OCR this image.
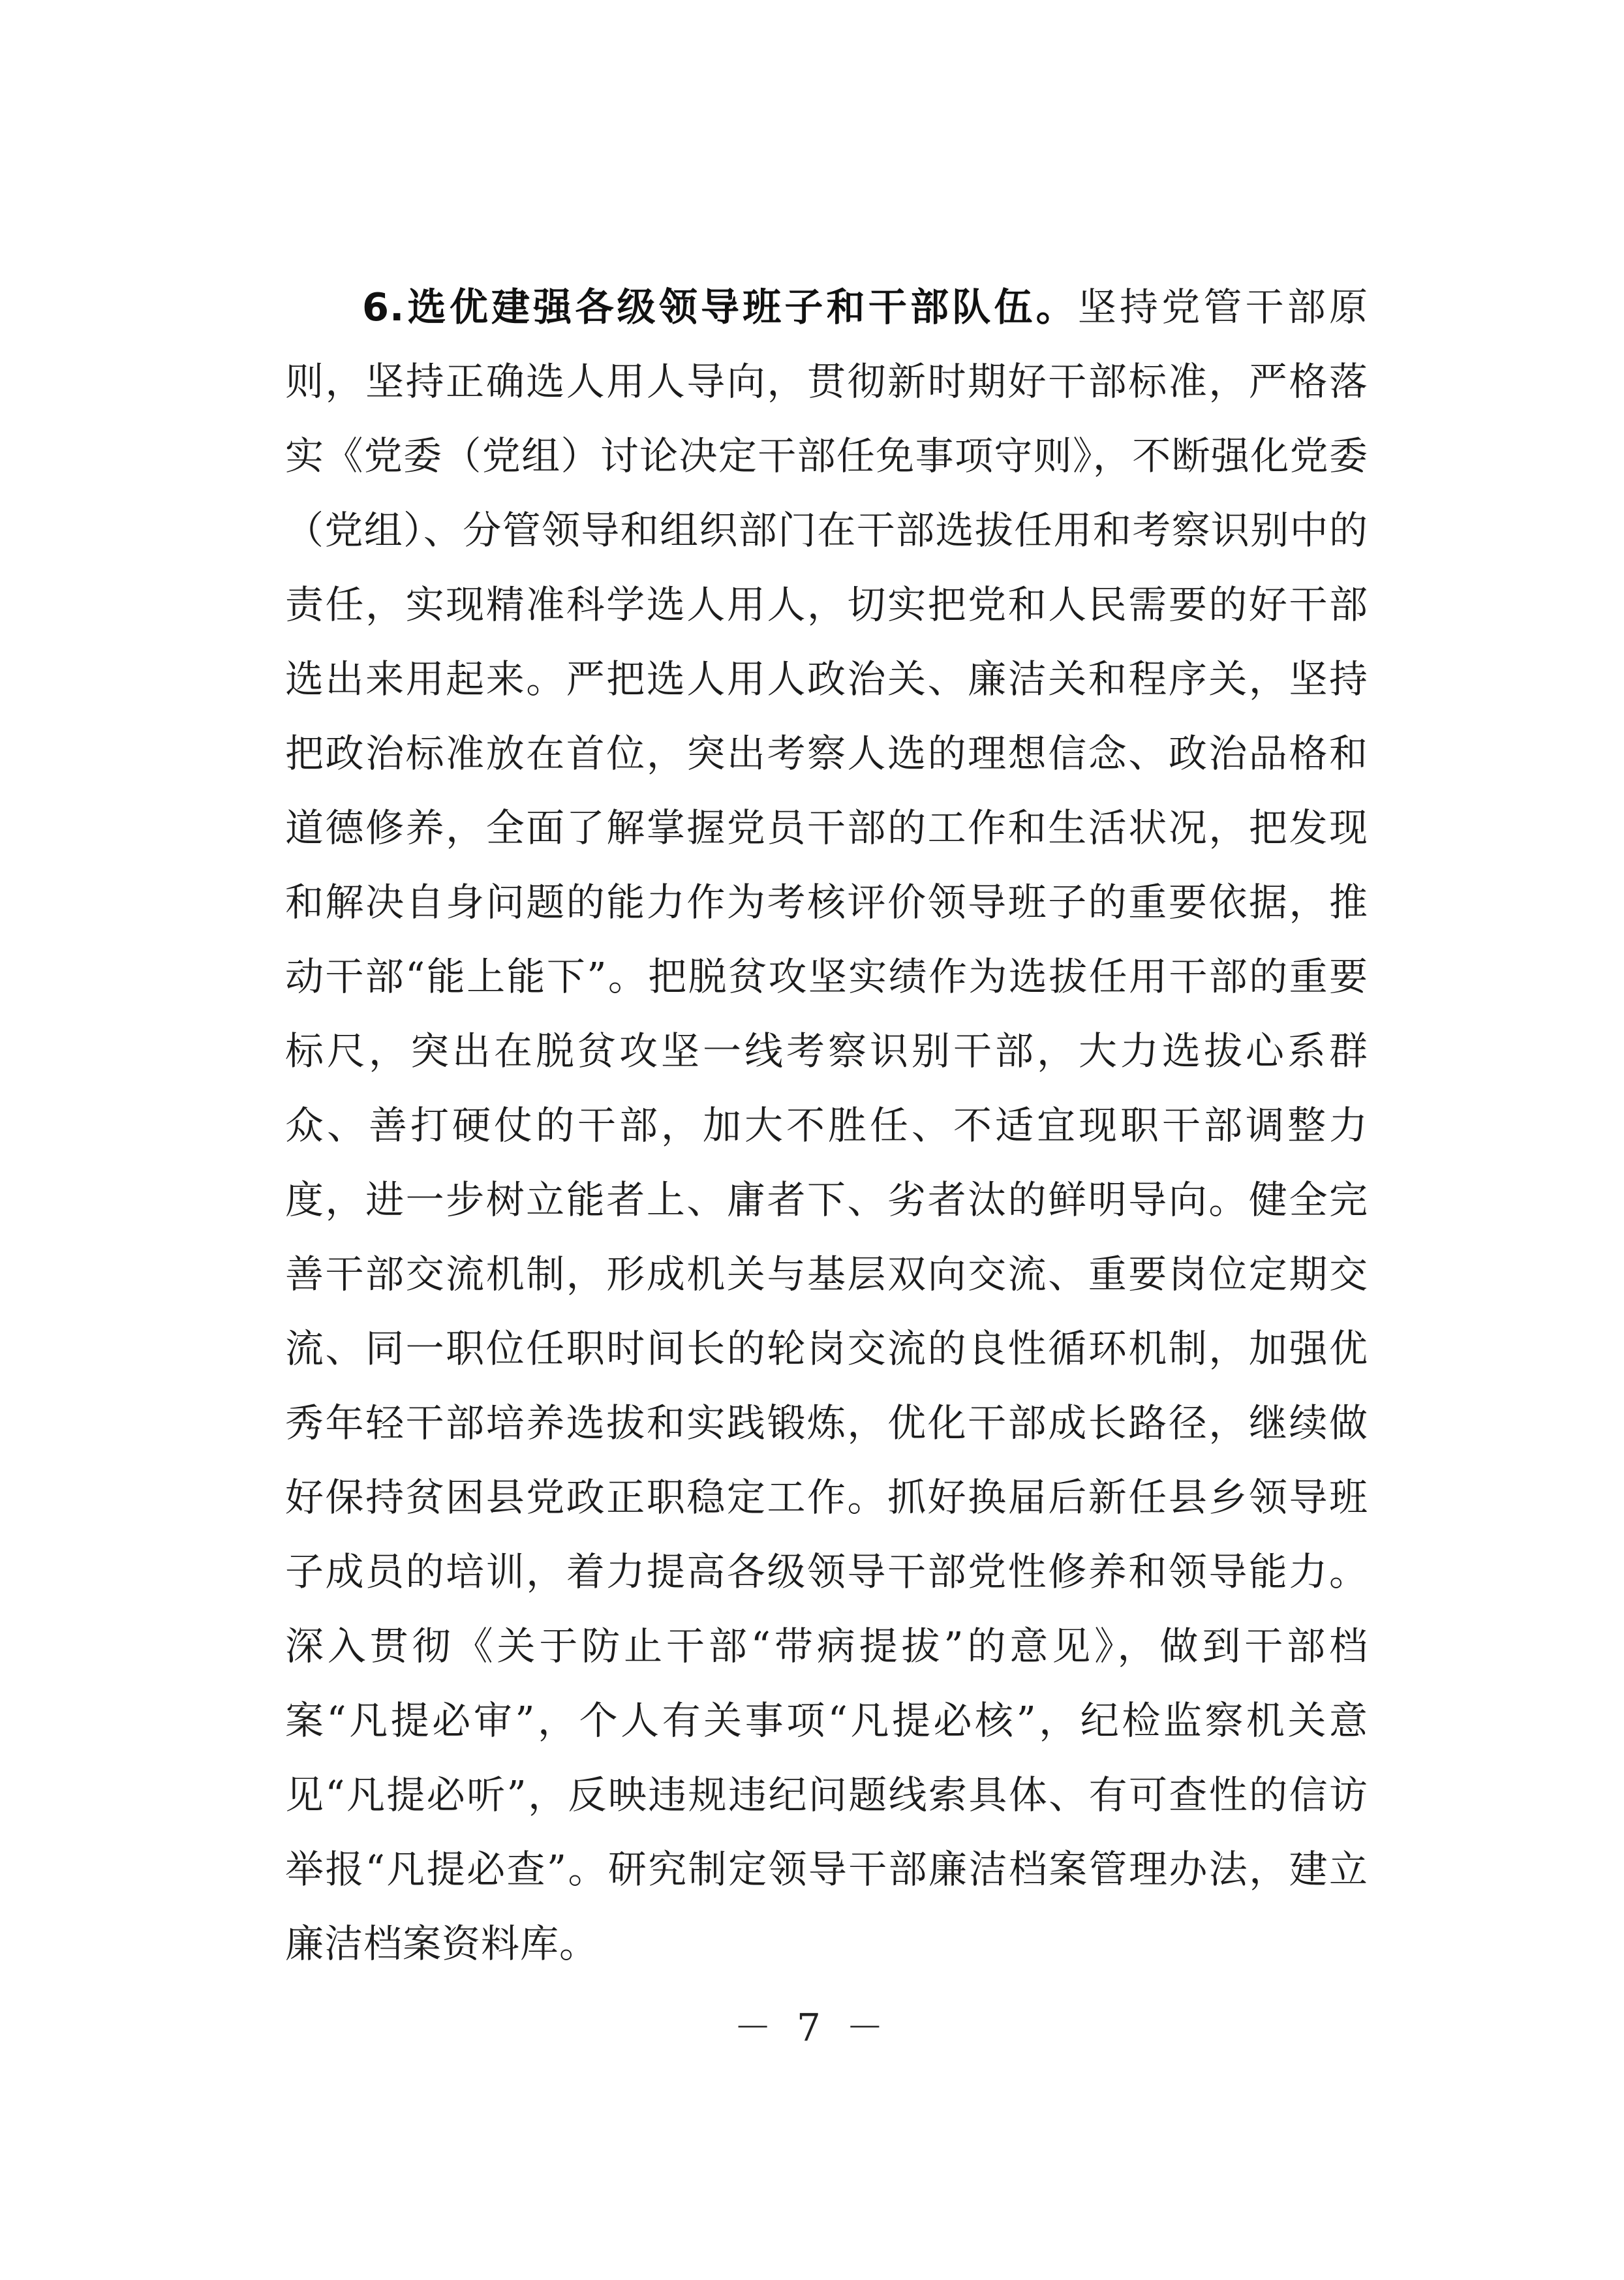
6.选优建强各级领导班子和干部队伍。坚持党管干部原则，坚持正确选人用人导向，贯彻新时期好干部标准，严格落实《党委（党组）讨论决定干部任免事项守则》，不断强化党委（党组）、分管领导和组织部门在干部选拔任用和考察识别中的责任，实现精准科学选人用人，切实把党和人民需要的好干部选出来用起来。严把选人用人政治关、廉洁关和程序关，坚持把政治标准放在首位，突出考察人选的理想信念、政治品格和道德修养，全面了解掌握党员干部的工作和生活状况，把发现和解决自身问题的能力作为考核评价领导班子的重要依据，推动干部“能上能下”。把脱贫攻坚实绩作为选拔任用干部的重要标尺，突出在脱贫攻坚一线考察识别干部，大力选拔心系群众、善打硬仗的干部，加大不胜任、不适宜现职干部调整力度，进一步树立能者上、庸者下、劣者汰的鲜明导向。健全完善干部交流机制，形成机关与基层双向交流、重要岗位定期交流、同一职位任职时间长的轮岗交流的良性循环机制，加强优秀年轻干部培养选拔和实践锻炼，优化干部成长路径，继续做好保持贫困县党政正职稳定工作。抓好换届后新任县乡领导班子成员的培训，着力提高各级领导干部党性修养和领导能力。深入贯彻《关于防止干部“带病提拔”的意见》，做到干部档案“凡提必审”，个人有关事项“凡提必核”，纪检监察机关意见“凡提必听”，反映违规违纪问题线索具体、有可查性的信访举报“凡提必查”。研究制定领导干部廉洁档案管理办法，建立廉洁档案资料库。

－ 7 －
